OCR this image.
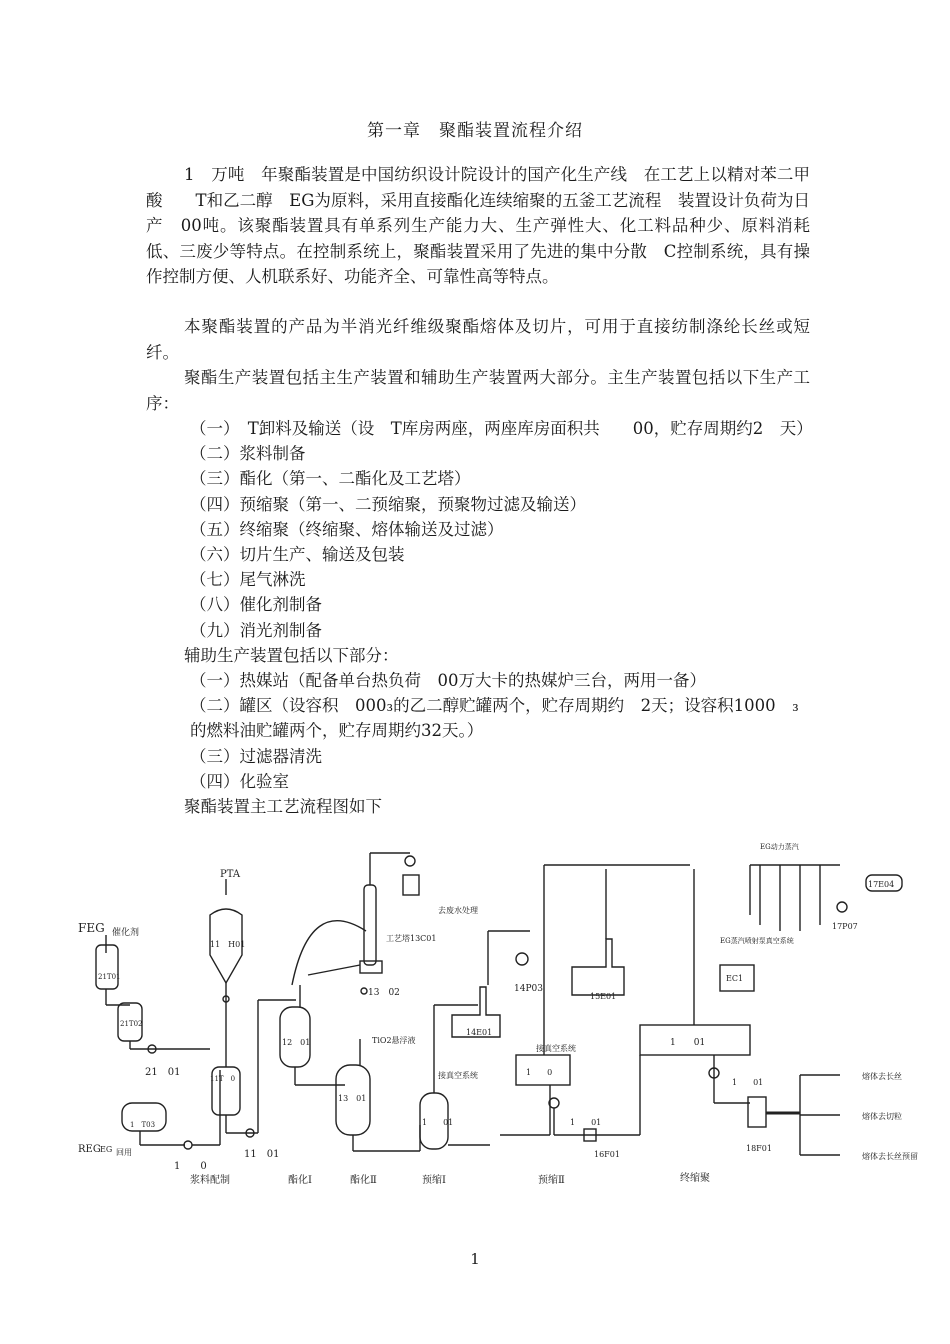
第一章　聚酯装置流程介绍

1　万吨　年聚酯装置是中国纺织设计院设计的国产化生产线　在工艺上以精对苯二甲酸　　T和乙二醇　EG为原料，采用直接酯化连续缩聚的五釜工艺流程　装置设计负荷为日产　00吨。该聚酯装置具有单系列生产能力大、生产弹性大、化工料品种少、原料消耗低、三废少等特点。在控制系统上，聚酯装置采用了先进的集中分散　C控制系统，具有操作控制方便、人机联系好、功能齐全、可靠性高等特点。

本聚酯装置的产品为半消光纤维级聚酯熔体及切片，可用于直接纺制涤纶长丝或短纤。

聚酯生产装置包括主生产装置和辅助生产装置两大部分。主生产装置包括以下生产工序：

（一）　T卸料及输送（设　T库房两座，两座库房面积共　　00，贮存周期约2　天）
（二）浆料制备
（三）酯化（第一、二酯化及工艺塔）
（四）预缩聚（第一、二预缩聚，预聚物过滤及输送）
（五）终缩聚（终缩聚、熔体输送及过滤）
（六）切片生产、输送及包装
（七）尾气淋洗
（八）催化剂制备
（九）消光剂制备
辅助生产装置包括以下部分：
（一）热媒站（配备单台热负荷　00万大卡的热媒炉三台，两用一备）
（二）罐区（设容积　000₃的乙二醇贮罐两个，贮存周期约　2天；设容积1000　₃的燃料油贮罐两个，贮存周期约32天。）
（三）过滤器清洗
（四）化验室
聚酯装置主工艺流程图如下
FEG 催化剂
21T01
21T02
21　01
1　T03
REG EG 回用
1　　0
PTA
11　H01
11T　0
11　01
12　01
13　01
TiO2悬浮液
去废水处理
工艺塔13C01
13　02
1　　01
接真空系统
14E01
14P03
1　　0
接真空系统
15E01
1　　01
16F01
1　　01
EG动力蒸汽
EG蒸汽喷射泵真空系统
17E04
17P07
EC1
1　　01
18F01
熔体去长丝
熔体去切粒
熔体去长丝预留
浆料配制	酯化Ⅰ	酯化Ⅱ	预缩Ⅰ	预缩Ⅱ	终缩聚
1
